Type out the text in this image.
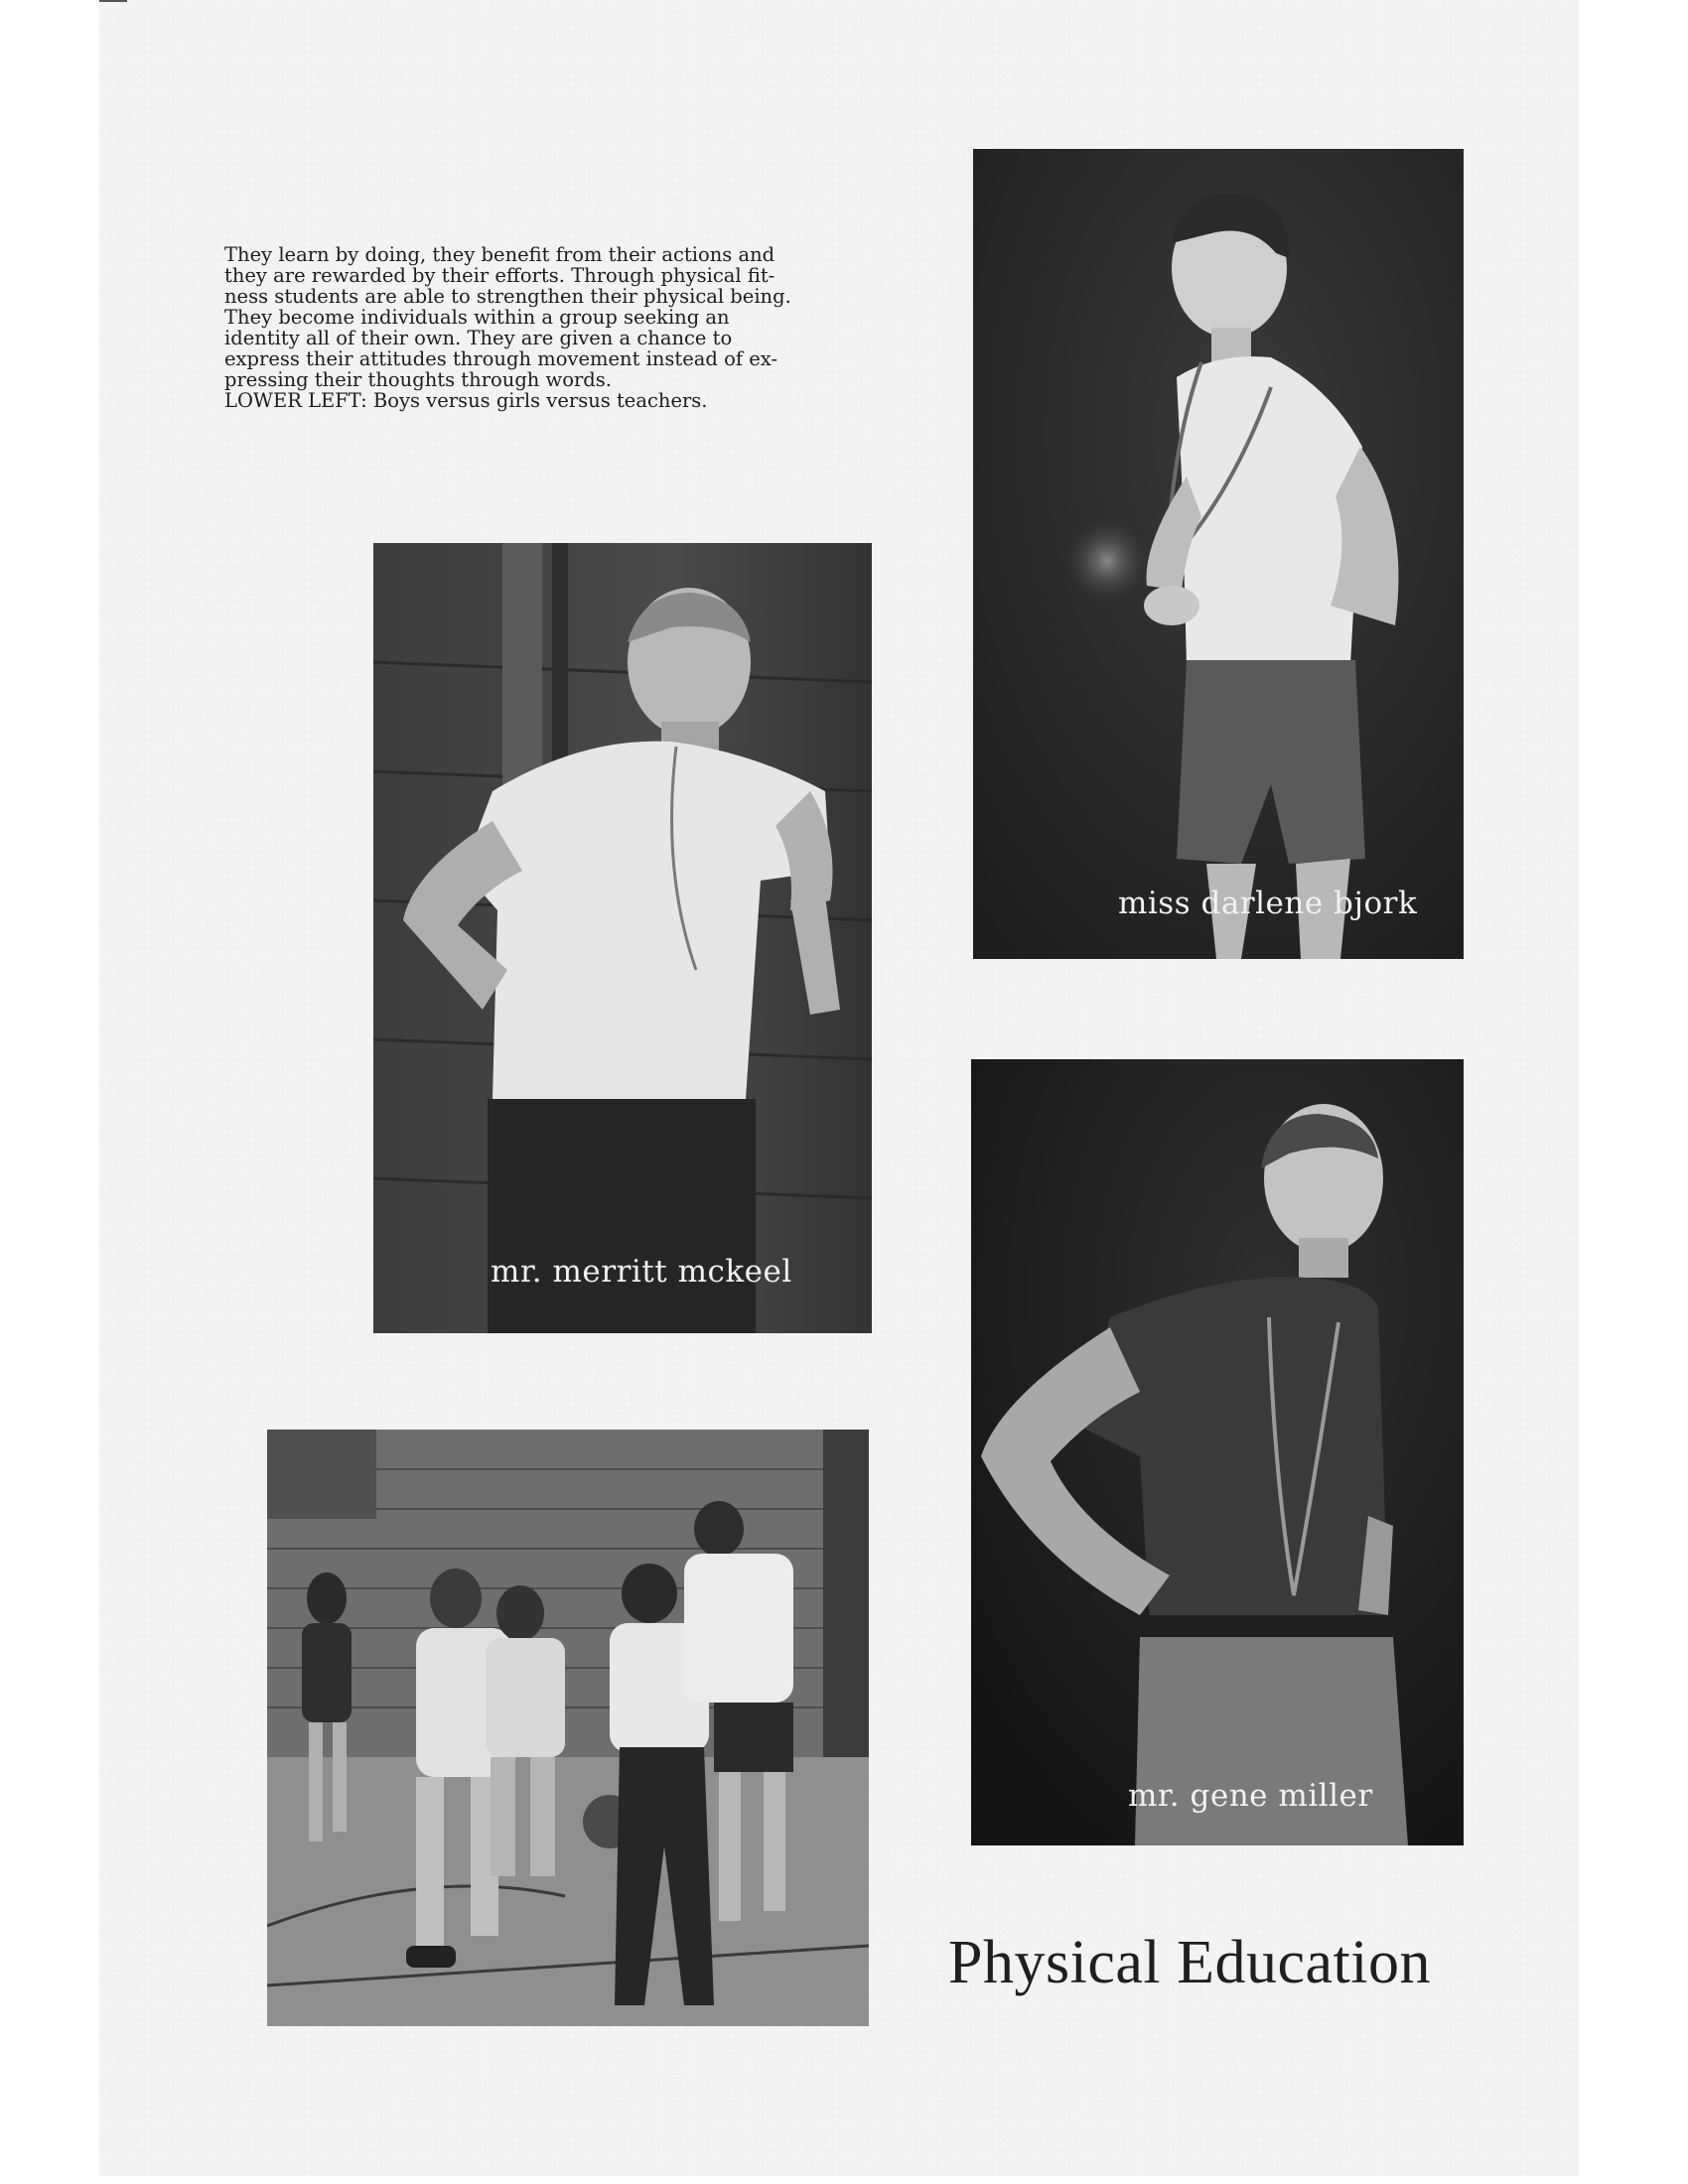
They learn by doing, they benefit from their actions and
they are rewarded by their efforts. Through physical fit-
ness students are able to strengthen their physical being.
They become individuals within a group seeking an
identity all of their own. They are given a chance to
express their attitudes through movement instead of ex-
pressing their thoughts through words.
LOWER LEFT: Boys versus girls versus teachers.

miss darlene bjork
mr. merritt mckeel
mr. gene miller
Physical Education
